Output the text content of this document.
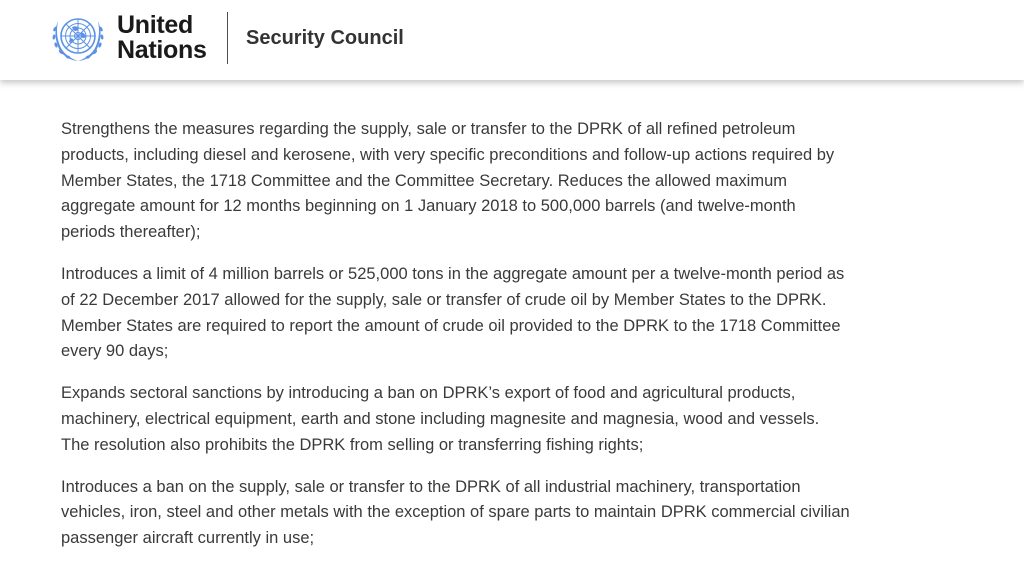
United
Nations Security Council

Strengthens the measures regarding the supply, sale or transfer to the DPRK of all refined petroleum products, including diesel and kerosene, with very specific preconditions and follow-up actions required by Member States, the 1718 Committee and the Committee Secretary. Reduces the allowed maximum aggregate amount for 12 months beginning on 1 January 2018 to 500,000 barrels (and twelve-month periods thereafter);

Introduces a limit of 4 million barrels or 525,000 tons in the aggregate amount per a twelve-month period as of 22 December 2017 allowed for the supply, sale or transfer of crude oil by Member States to the DPRK. Member States are required to report the amount of crude oil provided to the DPRK to the 1718 Committee every 90 days;

Expands sectoral sanctions by introducing a ban on DPRK’s export of food and agricultural products, machinery, electrical equipment, earth and stone including magnesite and magnesia, wood and vessels. The resolution also prohibits the DPRK from selling or transferring fishing rights;

Introduces a ban on the supply, sale or transfer to the DPRK of all industrial machinery, transportation vehicles, iron, steel and other metals with the exception of spare parts to maintain DPRK commercial civilian passenger aircraft currently in use;
